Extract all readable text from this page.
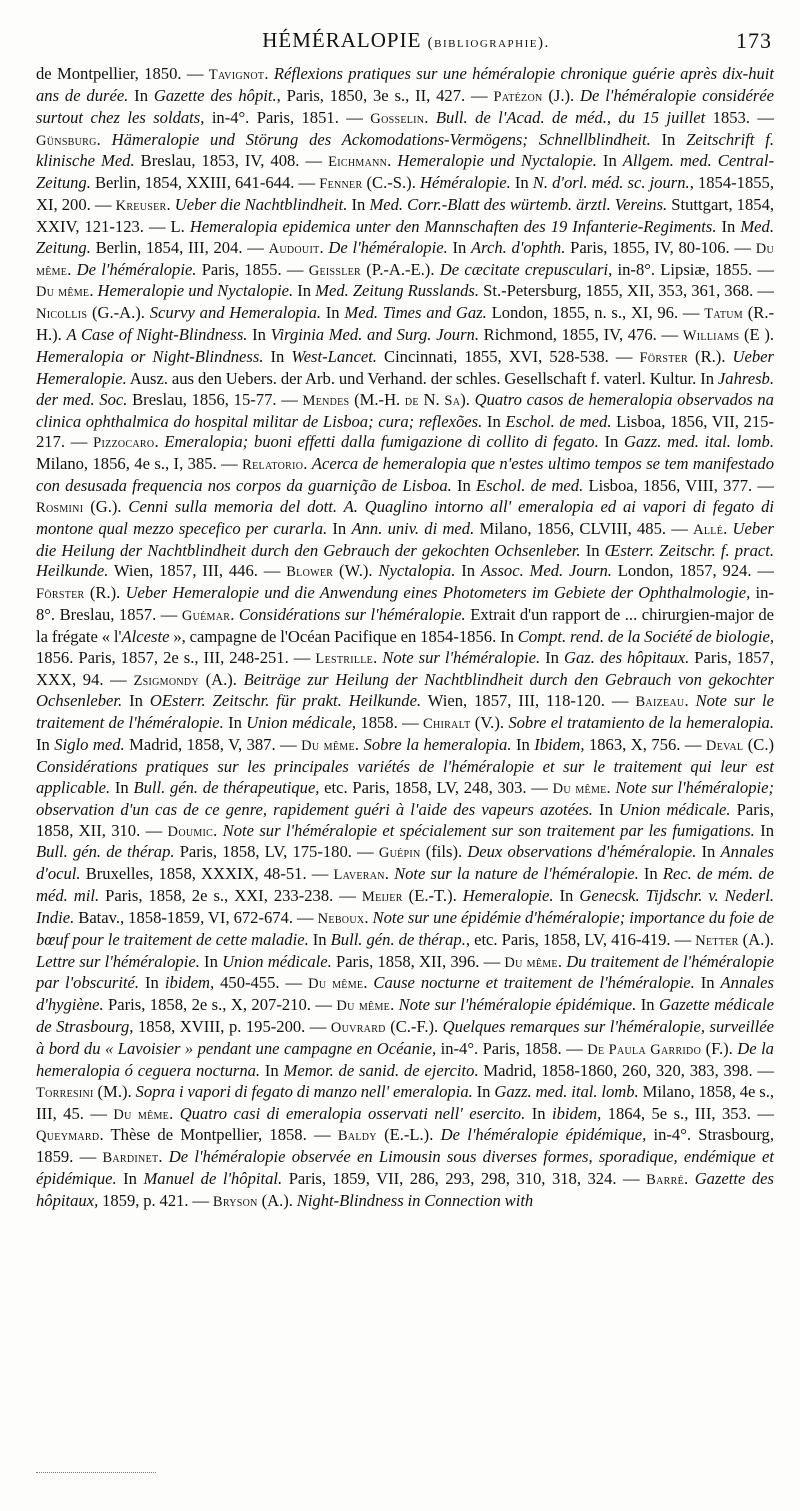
HÉMÉRALOPIE (bibliographie).	173

de Montpellier, 1850. — Tavignot. Réflexions pratiques sur une héméralopie chronique guérie après dix-huit ans de durée. In Gazette des hôpit., Paris, 1850, 3e s., II, 427. — Patézon (J.). De l'héméralopie considérée surtout chez les soldats, in-4°. Paris, 1851. — Gosselin. Bull. de l'Acad. de méd., du 15 juillet 1853. — Günsburg. Hämeralopie und Störung des Ackomodations-Vermögens; Schnellblindheit. In Zeitschrift f. klinische Med. Breslau, 1853, IV, 408. — Eichmann. Hemeralopie und Nyctalopie. In Allgem. med. Central-Zeitung. Berlin, 1854, XXIII, 641-644. — Fenner (C.-S.). Héméralopie. In N. d'orl. méd. sc. journ., 1854-1855, XI, 200. — Kreuser. Ueber die Nachtblindheit. In Med. Corr.-Blatt des würtemb. ärztl. Vereins. Stuttgart, 1854, XXIV, 121-123. — L. Hemeralopia epidemica unter den Mannschaften des 19 Infanterie-Regiments. In Med. Zeitung. Berlin, 1854, III, 204. — Audouit. De l'héméralopie. In Arch. d'ophth. Paris, 1855, IV, 80-106. — Du même. De l'héméralopie. Paris, 1855. — Geissler (P.-A.-E.). De cæcitate crepusculari, in-8°. Lipsiæ, 1855. — Du même. Hemeralopie und Nyctalopie. In Med. Zeitung Russlands. St.-Petersburg, 1855, XII, 353, 361, 368. — Nicollis (G.-A.). Scurvy and Hemeralopia. In Med. Times and Gaz. London, 1855, n. s., XI, 96. — Tatum (R.-H.). A Case of Night-Blindness. In Virginia Med. and Surg. Journ. Richmond, 1855, IV, 476. — Williams (E ). Hemeralopia or Night-Blindness. In West-Lancet. Cincinnati, 1855, XVI, 528-538. — Förster (R.). Ueber Hemeralopie. Ausz. aus den Uebers. der Arb. und Verhand. der schles. Gesellschaft f. vaterl. Kultur. In Jahresb. der med. Soc. Breslau, 1856, 15-77. — Mendes (M.-H. de N. Sa). Quatro casos de hemeralopia observados na clinica ophthalmica do hospital militar de Lisboa; cura; reflexões. In Eschol. de med. Lisboa, 1856, VII, 215-217. — Pizzocaro. Emeralopia; buoni effetti dalla fumigazione di collito di fegato. In Gazz. med. ital. lomb. Milano, 1856, 4e s., I, 385. — Relatorio. Acerca de hemeralopia que n'estes ultimo tempos se tem manifestado con desusada frequencia nos corpos da guarnição de Lisboa. In Eschol. de med. Lisboa, 1856, VIII, 377. — Rosmini (G.). Cenni sulla memoria del dott. A. Quaglino intorno all' emeralopia ed ai vapori di fegato di montone qual mezzo specefico per curarla. In Ann. univ. di med. Milano, 1856, CLVIII, 485. — Allé. Ueber die Heilung der Nachtblindheit durch den Gebrauch der gekochten Ochsenleber. In Œsterr. Zeitschr. f. pract. Heilkunde. Wien, 1857, III, 446. — Blower (W.). Nyctalopia. In Assoc. Med. Journ. London, 1857, 924. — Förster (R.). Ueber Hemeralopie und die Anwendung eines Photometers im Gebiete der Ophthalmologie, in-8°. Breslau, 1857. — Guémar. Considérations sur l'héméralopie. Extrait d'un rapport de ... chirurgien-major de la frégate « l'Alceste », campagne de l'Océan Pacifique en 1854-1856. In Compt. rend. de la Société de biologie, 1856. Paris, 1857, 2e s., III, 248-251. — Lestrille. Note sur l'héméralopie. In Gaz. des hôpitaux. Paris, 1857, XXX, 94. — Zsigmondy (A.). Beiträge zur Heilung der Nachtblindheit durch den Gebrauch von gekochter Ochsenleber. In OEsterr. Zeitschr. für prakt. Heilkunde. Wien, 1857, III, 118-120. — Baizeau. Note sur le traitement de l'héméralopie. In Union médicale, 1858. — Chiralt (V.). Sobre el tratamiento de la hemeralopia. In Siglo med. Madrid, 1858, V, 387. — Du même. Sobre la hemeralopia. In Ibidem, 1863, X, 756. — Deval (C.) Considérations pratiques sur les principales variétés de l'héméralopie et sur le traitement qui leur est applicable. In Bull. gén. de thérapeutique, etc. Paris, 1858, LV, 248, 303. — Du même. Note sur l'héméralopie; observation d'un cas de ce genre, rapidement guéri à l'aide des vapeurs azotées. In Union médicale. Paris, 1858, XII, 310. — Doumic. Note sur l'héméralopie et spécialement sur son traitement par les fumigations. In Bull. gén. de thérap. Paris, 1858, LV, 175-180. — Guépin (fils). Deux observations d'héméralopie. In Annales d'ocul. Bruxelles, 1858, XXXIX, 48-51. — Laveran. Note sur la nature de l'héméralopie. In Rec. de mém. de méd. mil. Paris, 1858, 2e s., XXI, 233-238. — Meijer (E.-T.). Hemeralopie. In Genecsk. Tijdschr. v. Nederl. Indie. Batav., 1858-1859, VI, 672-674. — Neboux. Note sur une épidémie d'héméralopie; importance du foie de bœuf pour le traitement de cette maladie. In Bull. gén. de thérap., etc. Paris, 1858, LV, 416-419. — Netter (A.). Lettre sur l'héméralopie. In Union médicale. Paris, 1858, XII, 396. — Du même. Du traitement de l'héméralopie par l'obscurité. In ibidem, 450-455. — Du même. Cause nocturne et traitement de l'héméralopie. In Annales d'hygiène. Paris, 1858, 2e s., X, 207-210. — Du même. Note sur l'héméralopie épidémique. In Gazette médicale de Strasbourg, 1858, XVIII, p. 195-200. — Ouvrard (C.-F.). Quelques remarques sur l'héméralopie, surveillée à bord du « Lavoisier » pendant une campagne en Océanie, in-4°. Paris, 1858. — De Paula Garrido (F.). De la hemeralopia ó ceguera nocturna. In Memor. de sanid. de ejercito. Madrid, 1858-1860, 260, 320, 383, 398. — Torresini (M.). Sopra i vapori di fegato di manzo nell' emeralopia. In Gazz. med. ital. lomb. Milano, 1858, 4e s., III, 45. — Du même. Quatro casi di emeralopia osservati nell' esercito. In ibidem, 1864, 5e s., III, 353. — Queymard. Thèse de Montpellier, 1858. — Baldy (E.-L.). De l'héméralopie épidémique, in-4°. Strasbourg, 1859. — Bardinet. De l'héméralopie observée en Limousin sous diverses formes, sporadique, endémique et épidémique. In Manuel de l'hôpital. Paris, 1859, VII, 286, 293, 298, 310, 318, 324. — Barré. Gazette des hôpitaux, 1859, p. 421. — Bryson (A.). Night-Blindness in Connection with
